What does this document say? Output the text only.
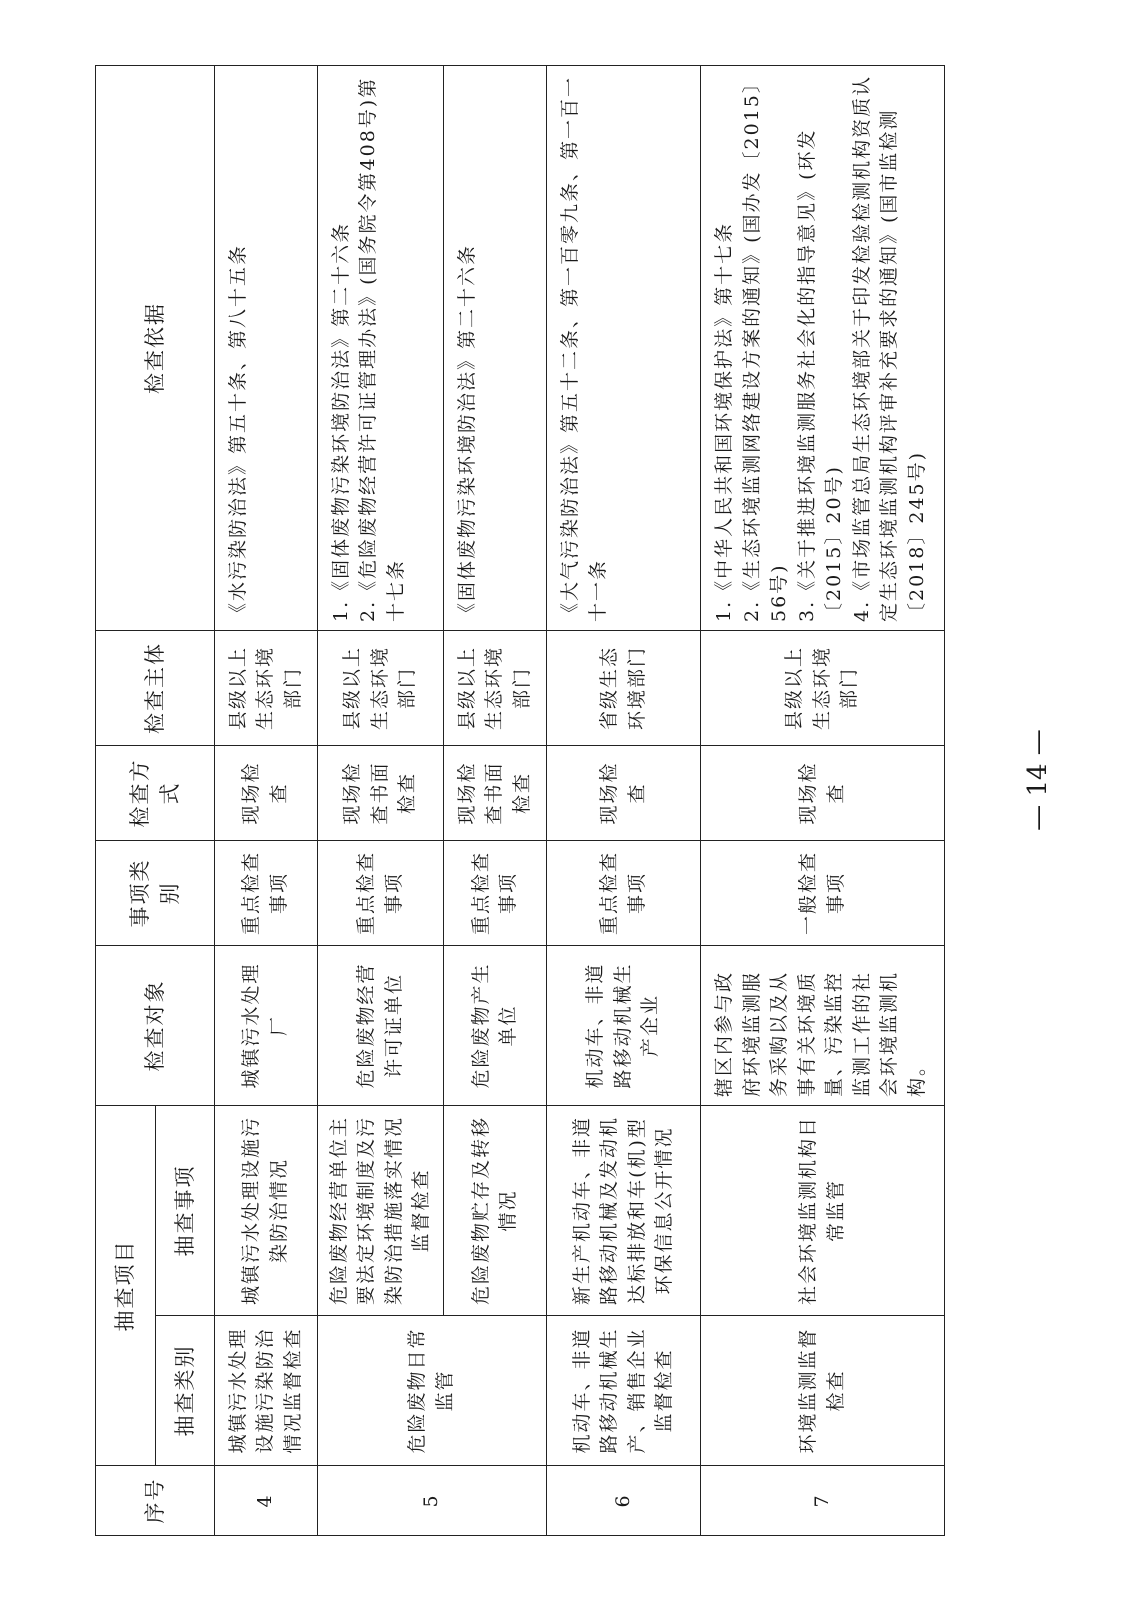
序号	抽查项目		检查对象	事项类别	检查方式	检查主体	检查依据
	抽查类别	抽查事项					
4	城镇污水处理设施污染防治情况监督检查	城镇污水处理设施污染防治情况	城镇污水处理厂	重点检查事项	现场检查	县级以上生态环境部门	《水污染防治法》第五十条、第八十五条

5	危险废物日常监管	危险废物经营单位主要法定环境制度及污染防治措施落实情况监督检查	危险废物经营许可证单位	重点检查事项	现场检查书面检查	县级以上生态环境部门	1.《固体废物污染环境防治法》第二十六条 2.《危险废物经营许可证管理办法》(国务院令第408号)第十七条

		危险废物贮存及转移情况	危险废物产生单位	重点检查事项	现场检查书面检查	县级以上生态环境部门	《固体废物污染环境防治法》第二十六条

6	机动车、非道路移动机械生产、销售企业监督检查	新生产机动车、非道路移动机械及发动机达标排放和车(机)型环保信息公开情况	机动车、非道路移动机械生产企业	重点检查事项	现场检查	省级生态环境部门	《大气污染防治法》第五十二条、第一百零九条、第一百一十一条

7	环境监测监督检查	社会环境监测机构日常监管	辖区内参与政府环境监测服务采购以及从事有关环境质量、污染监控监测工作的社会环境监测机构。	一般检查事项	现场检查	县级以上生态环境部门	1.《中华人民共和国环境保护法》第十七条 2.《生态环境监测网络建设方案的通知》(国办发〔2015〕56号) 3.《关于推进环境监测服务社会化的指导意见》(环发〔2015〕20号) 4.《市场监管总局生态环境部关于印发检验检测机构资质认定生态环境监测机构评审补充要求的通知》(国市监检测〔2018〕245号)
— 14 —
